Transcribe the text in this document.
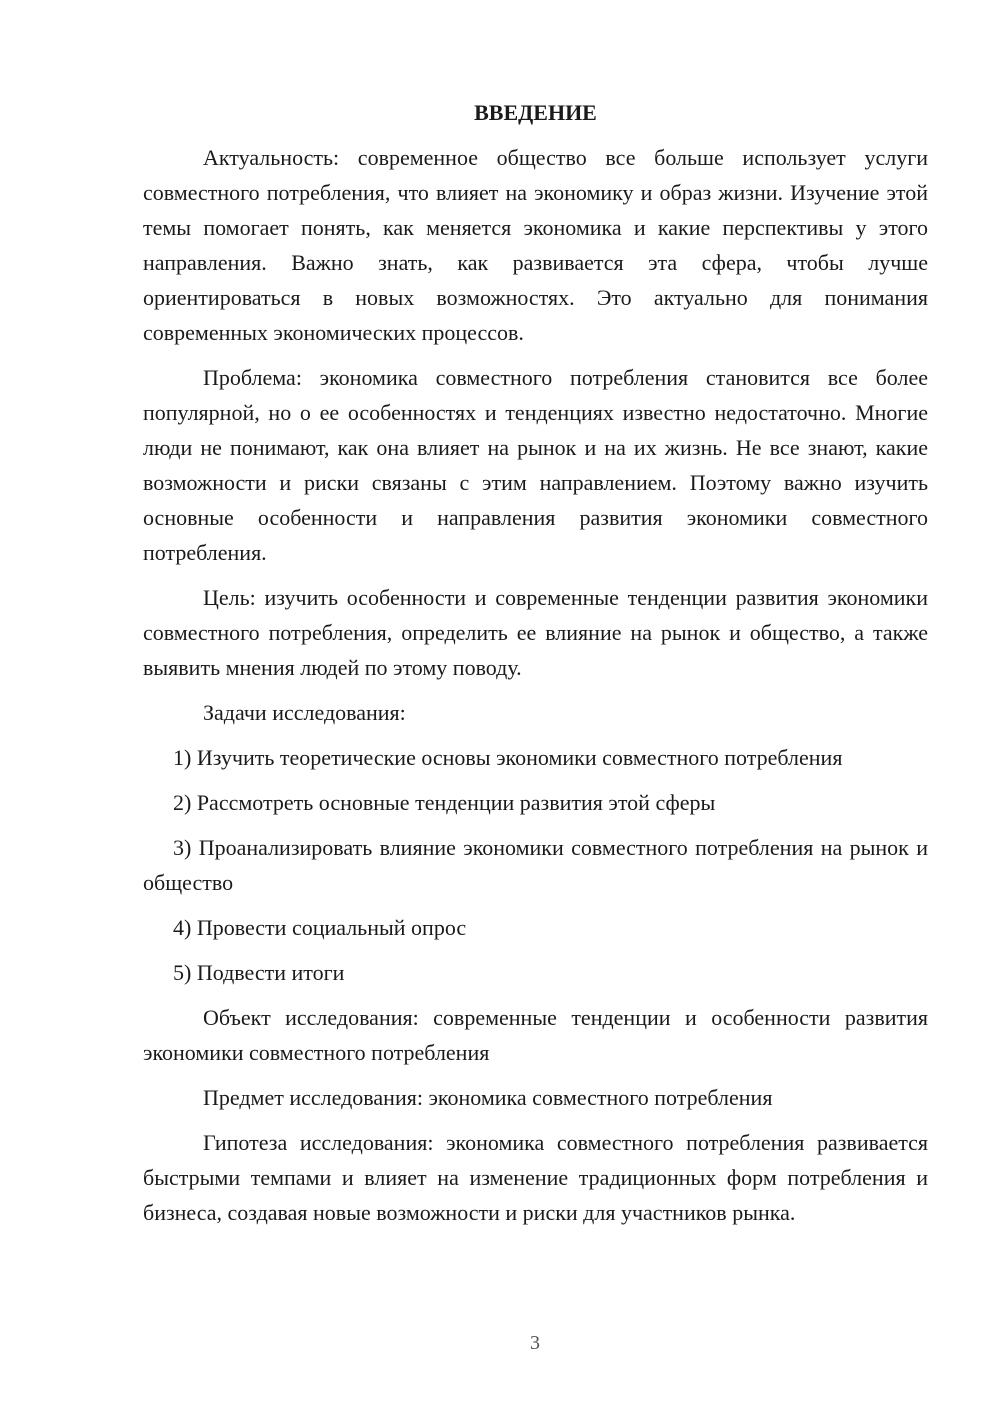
ВВЕДЕНИЕ

Актуальность: современное общество все больше использует услуги совместного потребления, что влияет на экономику и образ жизни. Изучение этой темы помогает понять, как меняется экономика и какие перспективы у этого направления. Важно знать, как развивается эта сфера, чтобы лучше ориентироваться в новых возможностях. Это актуально для понимания современных экономических процессов.

Проблема: экономика совместного потребления становится все более популярной, но о ее особенностях и тенденциях известно недостаточно. Многие люди не понимают, как она влияет на рынок и на их жизнь. Не все знают, какие возможности и риски связаны с этим направлением. Поэтому важно изучить основные особенности и направления развития экономики совместного потребления.

Цель: изучить особенности и современные тенденции развития экономики совместного потребления, определить ее влияние на рынок и общество, а также выявить мнения людей по этому поводу.

Задачи исследования:

1) Изучить теоретические основы экономики совместного потребления

2) Рассмотреть основные тенденции развития этой сферы

3) Проанализировать влияние экономики совместного потребления на рынок и общество

4) Провести социальный опрос

5) Подвести итоги

Объект исследования: современные тенденции и особенности развития экономики совместного потребления

Предмет исследования: экономика совместного потребления

Гипотеза исследования: экономика совместного потребления развивается быстрыми темпами и влияет на изменение традиционных форм потребления и бизнеса, создавая новые возможности и риски для участников рынка.

3
